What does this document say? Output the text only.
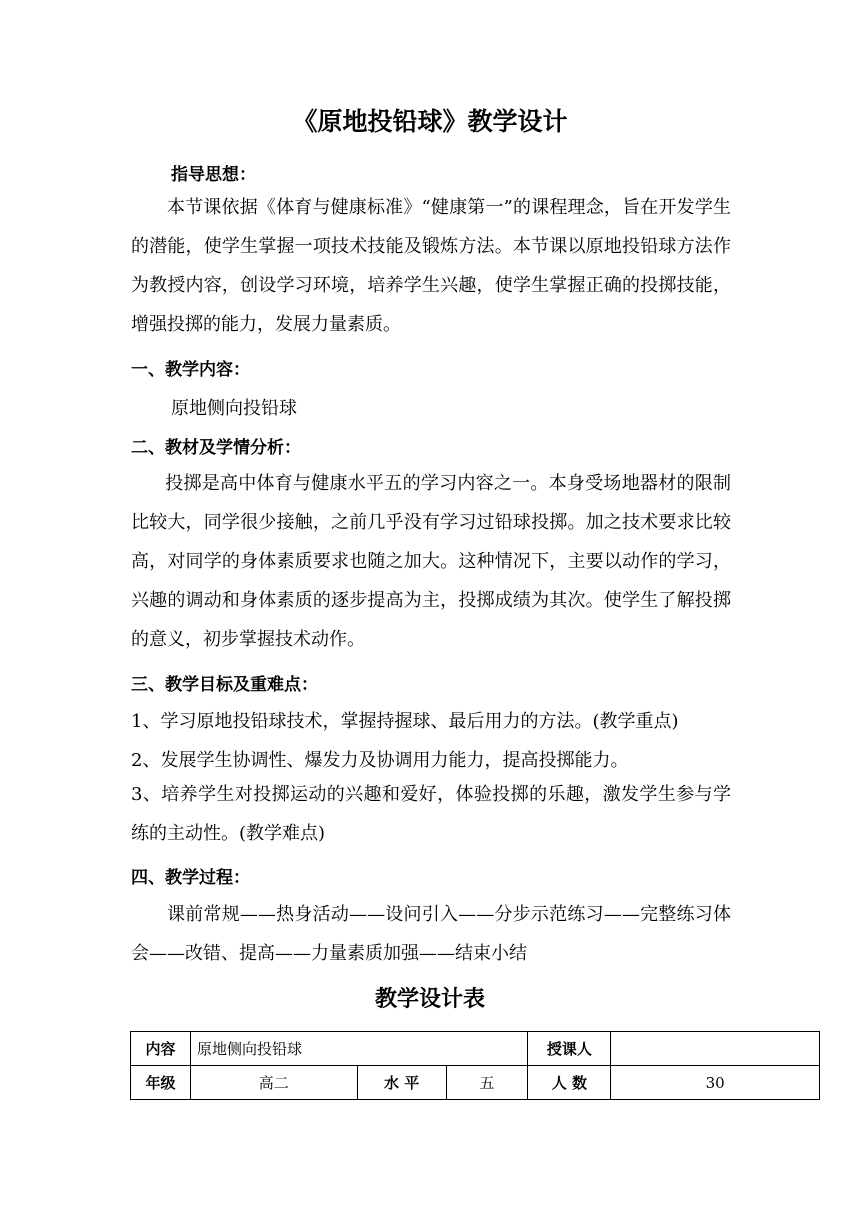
《原地投铅球》教学设计
指导思想：
本节课依据《体育与健康标准》“健康第一”的课程理念，旨在开发学生的潜能，使学生掌握一项技术技能及锻炼方法。本节课以原地投铅球方法作为教授内容，创设学习环境，培养学生兴趣，使学生掌握正确的投掷技能，增强投掷的能力，发展力量素质。
一、教学内容：
原地侧向投铅球
二、教材及学情分析：
投掷是高中体育与健康水平五的学习内容之一。本身受场地器材的限制比较大，同学很少接触，之前几乎没有学习过铅球投掷。加之技术要求比较高，对同学的身体素质要求也随之加大。这种情况下，主要以动作的学习，兴趣的调动和身体素质的逐步提高为主，投掷成绩为其次。使学生了解投掷的意义，初步掌握技术动作。
三、教学目标及重难点：
1、学习原地投铅球技术，掌握持握球、最后用力的方法。(教学重点)
2、发展学生协调性、爆发力及协调用力能力，提高投掷能力。
3、培养学生对投掷运动的兴趣和爱好，体验投掷的乐趣，激发学生参与学练的主动性。(教学难点)
四、教学过程：
课前常规——热身活动——设问引入——分步示范练习——完整练习体会——改错、提高——力量素质加强——结束小结
教学设计表
内容	原地侧向投铅球			授课人	
年级	高二	水 平	五	人 数	30
